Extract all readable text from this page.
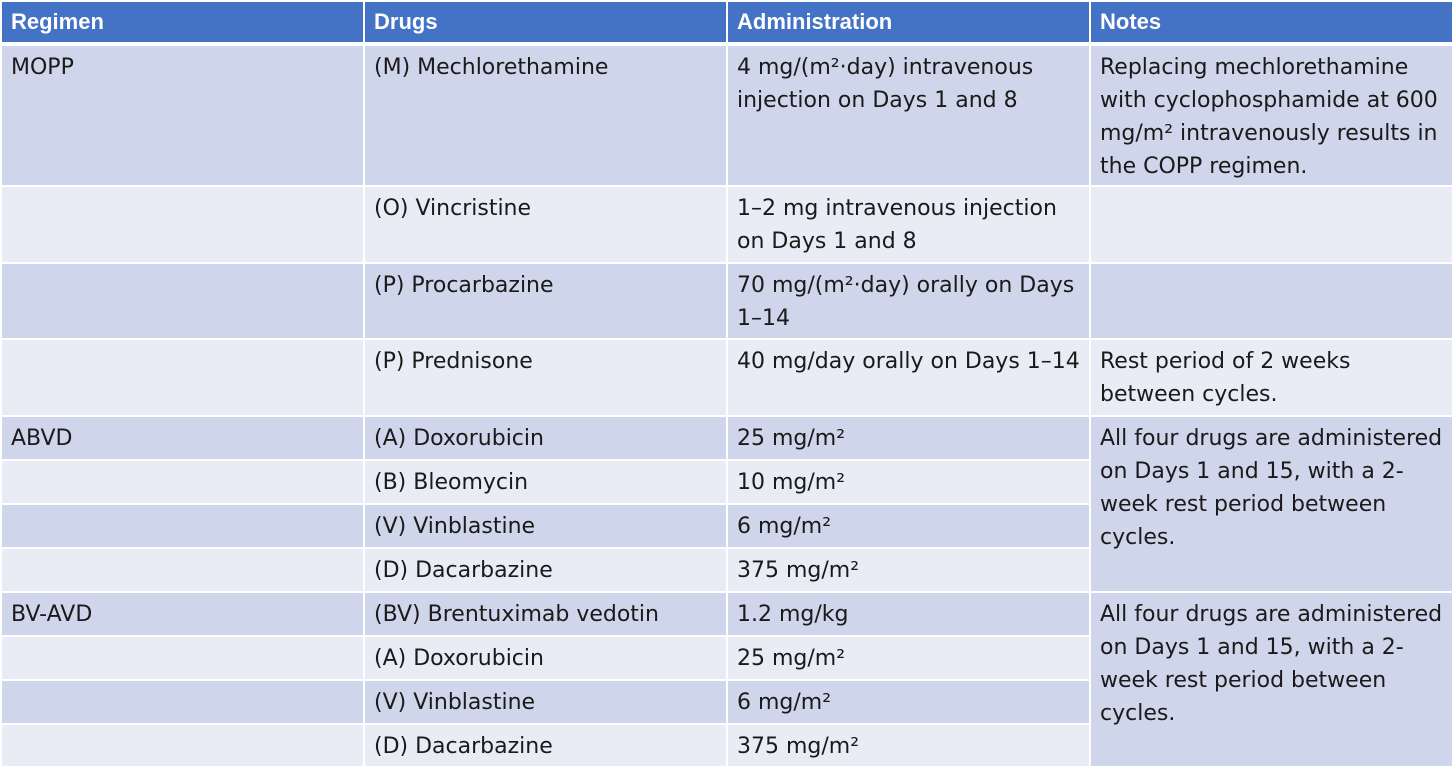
Regimen	Drugs	Administration	Notes
MOPP	(M) Mechlorethamine	4 mg/(m²·day) intravenous injection on Days 1 and 8	Replacing mechlorethamine with cyclophosphamide at 600 mg/m² intravenously results in the COPP regimen.
	(O) Vincristine	1–2 mg intravenous injection on Days 1 and 8	
	(P) Procarbazine	70 mg/(m²·day) orally on Days 1–14	
	(P) Prednisone	40 mg/day orally on Days 1–14	Rest period of 2 weeks between cycles.
ABVD	(A) Doxorubicin	25 mg/m²	All four drugs are administered on Days 1 and 15, with a 2-week rest period between cycles.
	(B) Bleomycin	10 mg/m²	
	(V) Vinblastine	6 mg/m²	
	(D) Dacarbazine	375 mg/m²	
BV-AVD	(BV) Brentuximab vedotin	1.2 mg/kg	All four drugs are administered on Days 1 and 15, with a 2-week rest period between cycles.
	(A) Doxorubicin	25 mg/m²	
	(V) Vinblastine	6 mg/m²	
	(D) Dacarbazine	375 mg/m²	
